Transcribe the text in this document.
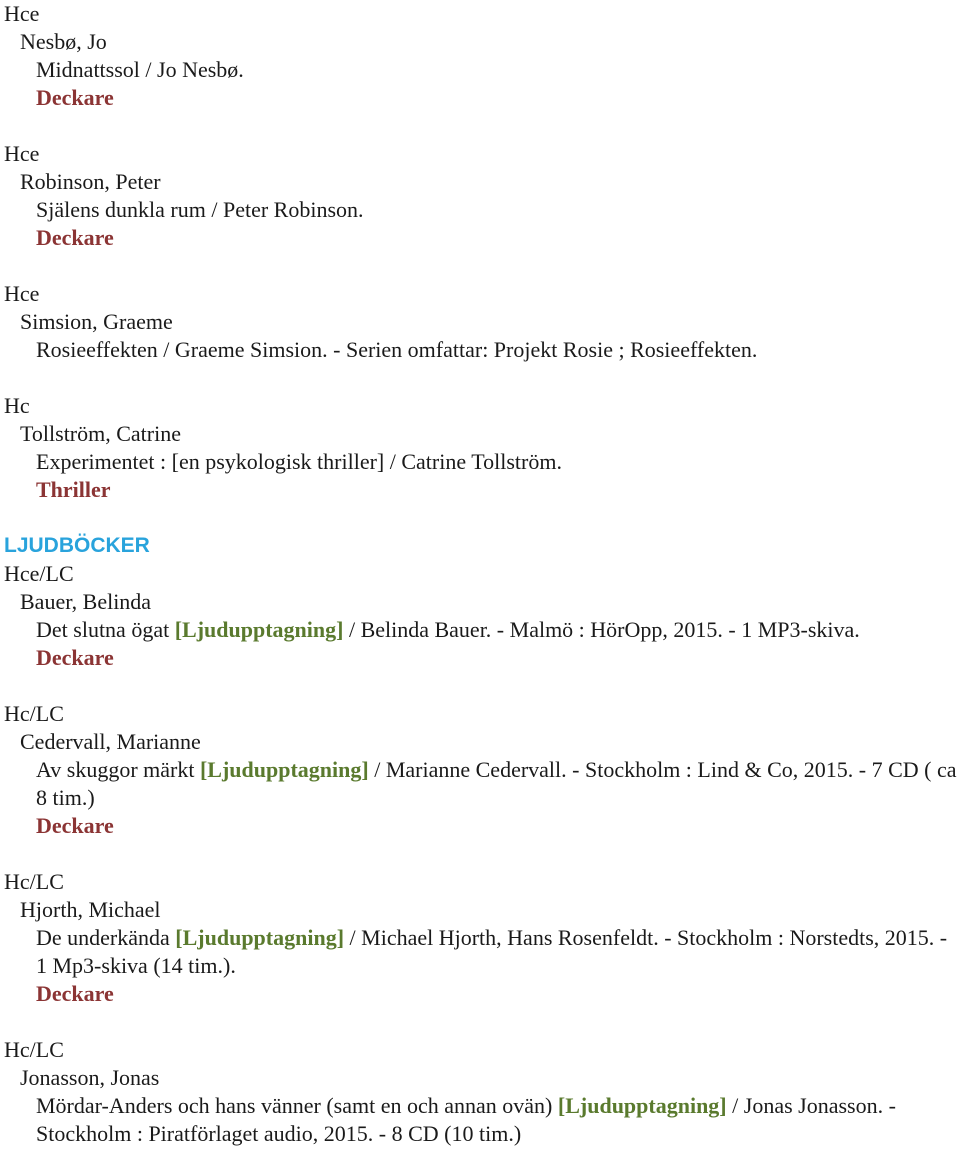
Hce
Nesbø, Jo
Midnattssol / Jo Nesbø.
Deckare
Hce
Robinson, Peter
Själens dunkla rum / Peter Robinson.
Deckare
Hce
Simsion, Graeme
Rosieeffekten / Graeme Simsion. - Serien omfattar: Projekt Rosie ; Rosieeffekten.
Hc
Tollström, Catrine
Experimentet : [en psykologisk thriller] / Catrine Tollström.
Thriller
LJUDBÖCKER
Hce/LC
Bauer, Belinda
Det slutna ögat [Ljudupptagning] / Belinda Bauer. - Malmö : HörOpp, 2015. - 1 MP3-skiva.
Deckare
Hc/LC
Cedervall, Marianne
Av skuggor märkt [Ljudupptagning] / Marianne Cedervall. - Stockholm : Lind & Co, 2015. - 7 CD ( ca 8 tim.)
Deckare
Hc/LC
Hjorth, Michael
De underkända [Ljudupptagning] / Michael Hjorth, Hans Rosenfeldt. - Stockholm : Norstedts, 2015. - 1 Mp3-skiva (14 tim.).
Deckare
Hc/LC
Jonasson, Jonas
Mördar-Anders och hans vänner (samt en och annan ovän) [Ljudupptagning] / Jonas Jonasson. - Stockholm : Piratförlaget audio, 2015. - 8 CD (10 tim.)
